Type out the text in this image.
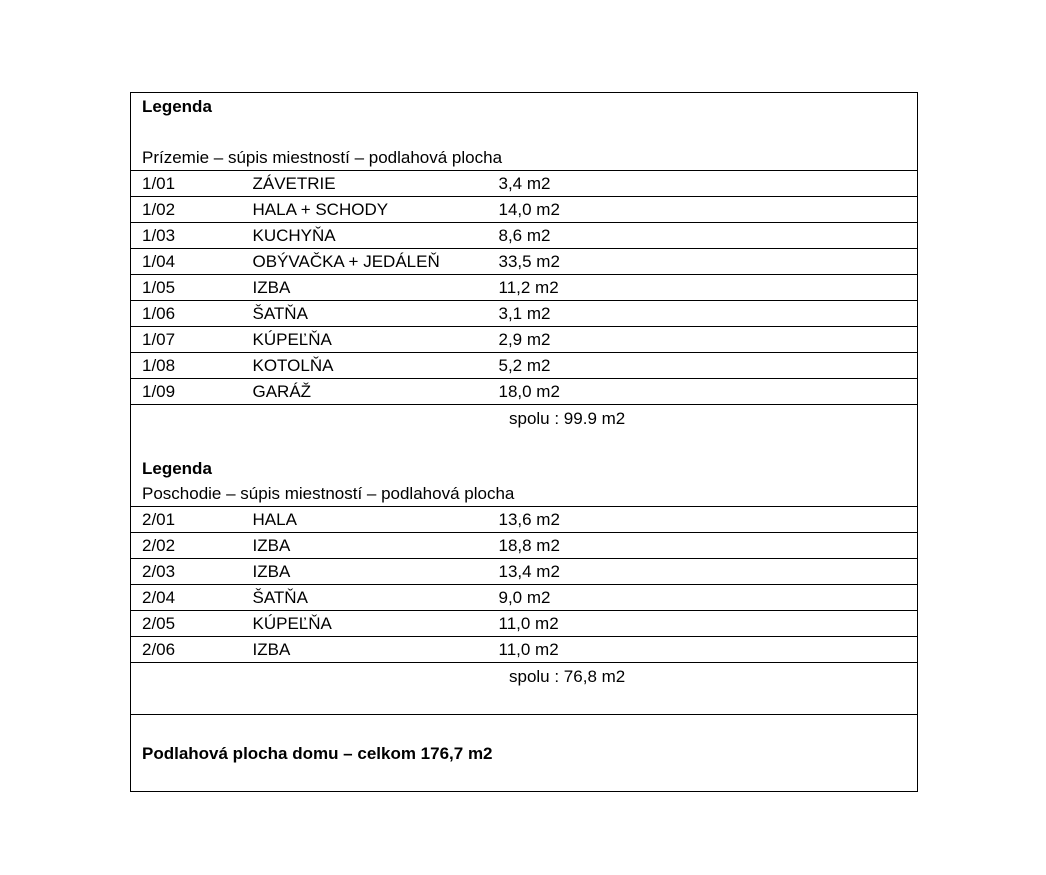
Legenda
Prízemie – súpis miestností – podlahová plocha		

1/01	ZÁVETRIE	3,4 m2
1/02	HALA + SCHODY	14,0 m2
1/03	KUCHYŇA	8,6 m2
1/04	OBÝVAČKA + JEDÁLEŇ	33,5 m2
1/05	IZBA	11,2 m2
1/06	ŠATŇA	3,1 m2
1/07	KÚPEĽŇA	2,9 m2
1/08	KOTOLŇA	5,2 m2
1/09	GARÁŽ	18,0 m2

spolu : 99.9 m2
Legenda
Poschodie – súpis miestností – podlahová plocha		

2/01	HALA	13,6 m2
2/02	IZBA	18,8 m2
2/03	IZBA	13,4 m2
2/04	ŠATŇA	9,0 m2
2/05	KÚPEĽŇA	11,0 m2
2/06	IZBA	11,0 m2

spolu : 76,8 m2		

Podlahová plocha domu – celkom 176,7 m2		
